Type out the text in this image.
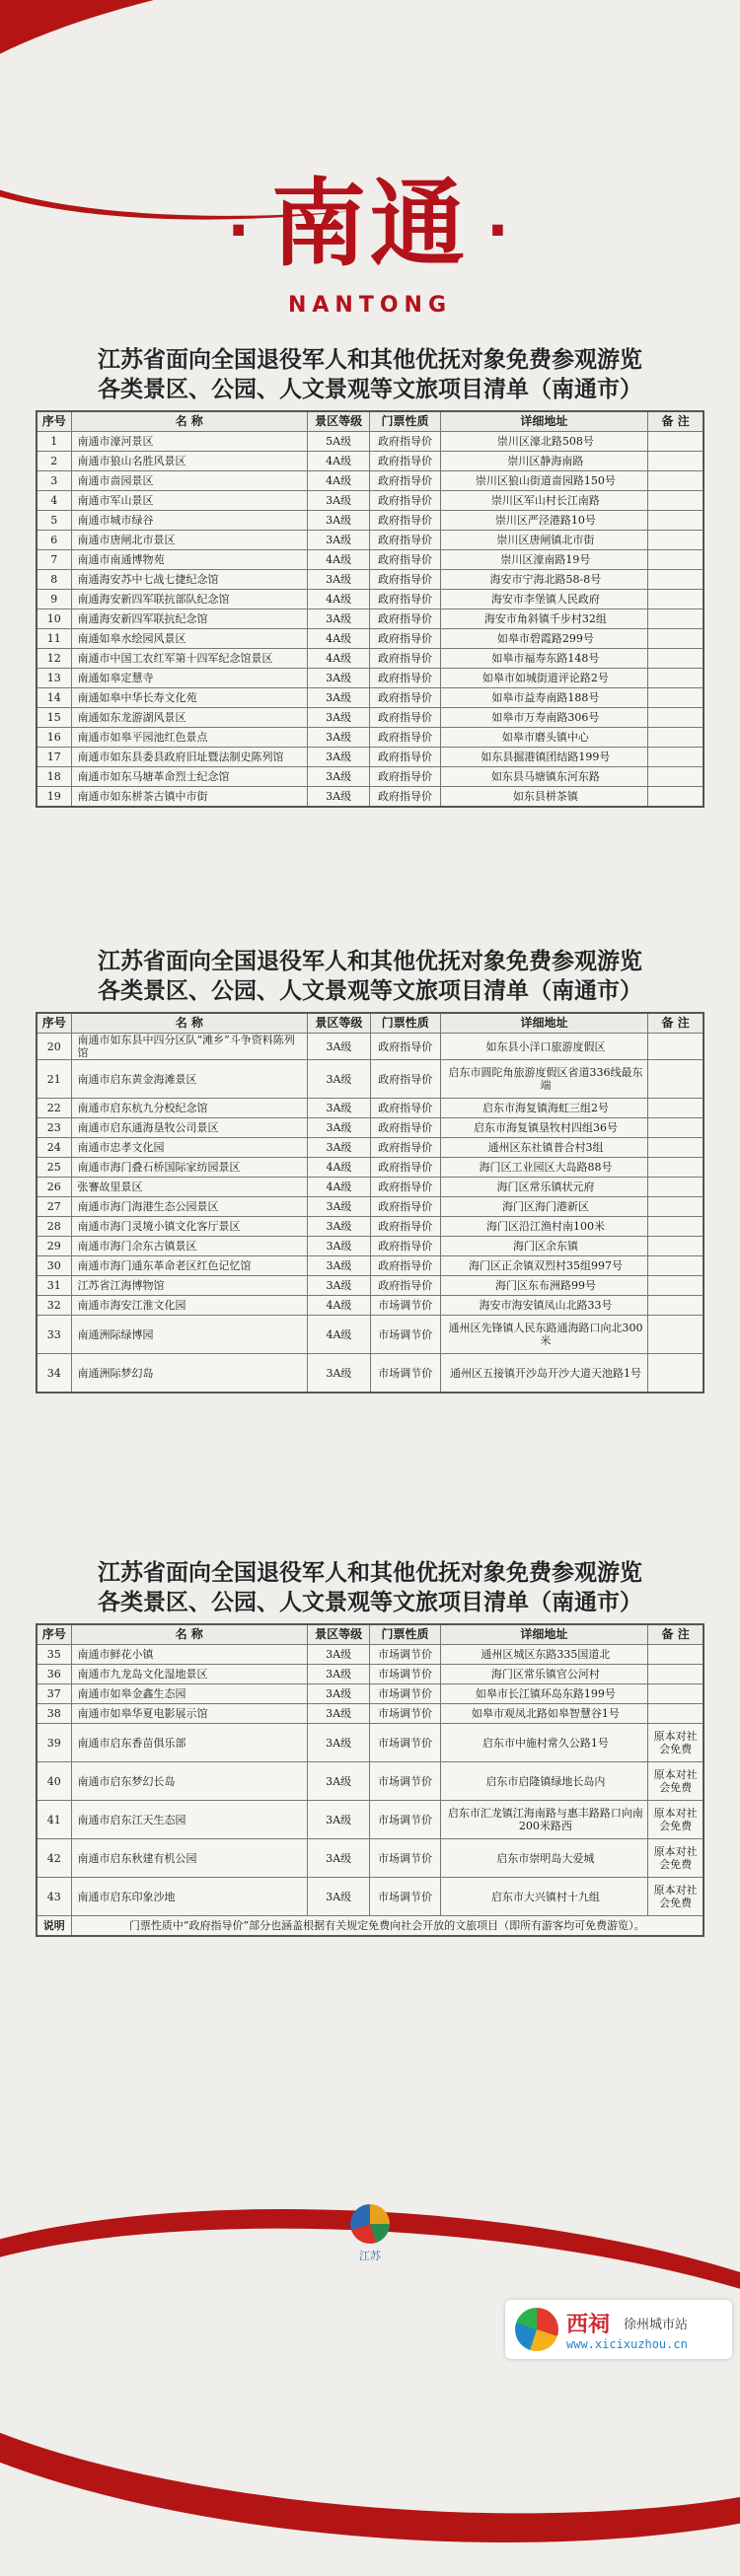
· 南通 ·
NANTONG
江苏省面向全国退役军人和其他优抚对象免费参观游览
各类景区、公园、人文景观等文旅项目清单（南通市）
序号	名 称	景区等级	门票性质	详细地址	备 注
1	南通市濠河景区	5A级	政府指导价	崇川区濠北路508号	
2	南通市狼山名胜风景区	4A级	政府指导价	崇川区静海南路	
3	南通市啬园景区	4A级	政府指导价	崇川区狼山街道啬园路150号	
4	南通市军山景区	3A级	政府指导价	崇川区军山村长江南路	
5	南通市城市绿谷	3A级	政府指导价	崇川区严泾港路10号	
6	南通市唐闸北市景区	3A级	政府指导价	崇川区唐闸镇北市街	
7	南通市南通博物苑	4A级	政府指导价	崇川区濠南路19号	
8	南通海安苏中七战七捷纪念馆	3A级	政府指导价	海安市宁海北路58-8号	
9	南通海安新四军联抗部队纪念馆	4A级	政府指导价	海安市李堡镇人民政府	
10	南通海安新四军联抗纪念馆	3A级	政府指导价	海安市角斜镇千步村32组	
11	南通如皋水绘园风景区	4A级	政府指导价	如皋市碧霞路299号	
12	南通市中国工农红军第十四军纪念馆景区	4A级	政府指导价	如皋市福寿东路148号	
13	南通如皋定慧寺	3A级	政府指导价	如皋市如城街道评论路2号	
14	南通如皋中华长寿文化苑	3A级	政府指导价	如皋市益寿南路188号	
15	南通如东龙游湖风景区	3A级	政府指导价	如皋市万寿南路306号	
16	南通市如皋平园池红色景点	3A级	政府指导价	如皋市磨头镇中心	
17	南通市如东县委县政府旧址暨法制史陈列馆	3A级	政府指导价	如东县掘港镇团结路199号	
18	南通市如东马塘革命烈士纪念馆	3A级	政府指导价	如东县马塘镇东河东路	
19	南通市如东栟茶古镇中市街	3A级	政府指导价	如东县栟茶镇	
江苏省面向全国退役军人和其他优抚对象免费参观游览
各类景区、公园、人文景观等文旅项目清单（南通市）
序号	名 称	景区等级	门票性质	详细地址	备 注
20	南通市如东县中四分区队“滩乡”斗争资料陈列馆	3A级	政府指导价	如东县小洋口旅游度假区	
21	南通市启东黄金海滩景区	3A级	政府指导价	启东市圆陀角旅游度假区省道336线最东端	
22	南通市启东杭九分校纪念馆	3A级	政府指导价	启东市海复镇海虹三组2号	
23	南通市启东通海垦牧公司景区	3A级	政府指导价	启东市海复镇垦牧村四组36号	
24	南通市忠孝文化园	3A级	政府指导价	通州区东社镇普合村3组	
25	南通市海门叠石桥国际家纺园景区	4A级	政府指导价	海门区工业园区大岛路88号	
26	张謇故里景区	4A级	政府指导价	海门区常乐镇状元府	
27	南通市海门海港生态公园景区	3A级	政府指导价	海门区海门港新区	
28	南通市海门灵境小镇文化客厅景区	3A级	政府指导价	海门区沿江渔村南100米	
29	南通市海门余东古镇景区	3A级	政府指导价	海门区余东镇	
30	南通市海门通东革命老区红色记忆馆	3A级	政府指导价	海门区正余镇双烈村35组997号	
31	江苏省江海博物馆	3A级	政府指导价	海门区东布洲路99号	
32	南通市海安江淮文化园	4A级	市场调节价	海安市海安镇凤山北路33号	
33	南通洲际绿博园	4A级	市场调节价	通州区先锋镇人民东路通海路口向北300米	
34	南通洲际梦幻岛	3A级	市场调节价	通州区五接镇开沙岛开沙大道天池路1号	
江苏省面向全国退役军人和其他优抚对象免费参观游览
各类景区、公园、人文景观等文旅项目清单（南通市）
序号	名 称	景区等级	门票性质	详细地址	备 注
35	南通市鲜花小镇	3A级	市场调节价	通州区城区东路335国道北	
36	南通市九龙岛文化湿地景区	3A级	市场调节价	海门区常乐镇官公河村	
37	南通市如皋金鑫生态园	3A级	市场调节价	如皋市长江镇环岛东路199号	
38	南通市如皋华夏电影展示馆	3A级	市场调节价	如皋市观凤北路如皋智慧谷1号	
39	南通市启东香苗俱乐部	3A级	市场调节价	启东市中施村常久公路1号	原本对社会免费
40	南通市启东梦幻长岛	3A级	市场调节价	启东市启隆镇绿地长岛内	原本对社会免费
41	南通市启东江天生态园	3A级	市场调节价	启东市汇龙镇江海南路与惠丰路路口向南200米路西	原本对社会免费
42	南通市启东秋建有机公园	3A级	市场调节价	启东市崇明岛大爱城	原本对社会免费
43	南通市启东印象沙地	3A级	市场调节价	启东市大兴镇村十九组	原本对社会免费
说明	门票性质中“政府指导价”部分也涵盖根据有关规定免费向社会开放的文旅项目（即所有游客均可免费游览）。				
江苏
西祠 徐州城市站
www.xicixuzhou.cn
